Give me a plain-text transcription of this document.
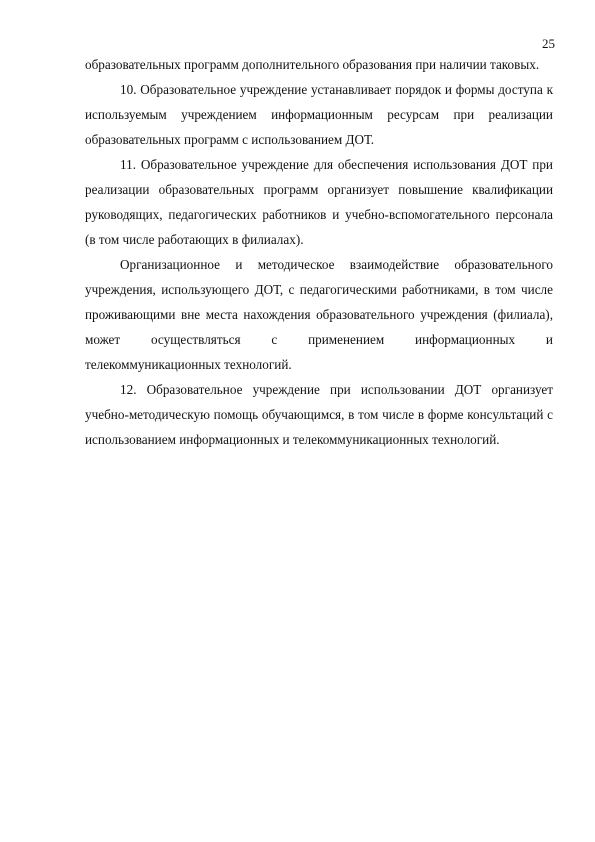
25

образовательных программ дополнительного образования при наличии таковых.

10. Образовательное учреждение устанавливает порядок и формы доступа к используемым учреждением информационным ресурсам при реализации образовательных программ с использованием ДОТ.

11. Образовательное учреждение для обеспечения использования ДОТ при реализации образовательных программ организует повышение квалификации руководящих, педагогических работников и учебно-вспомогательного персонала (в том числе работающих в филиалах).

Организационное и методическое взаимодействие образовательного учреждения, использующего ДОТ, с педагогическими работниками, в том числе проживающими вне места нахождения образовательного учреждения (филиала), может осуществляться с применением информационных и телекоммуникационных технологий.

12. Образовательное учреждение при использовании ДОТ организует учебно-методическую помощь обучающимся, в том числе в форме консультаций с использованием информационных и телекоммуникационных технологий.
